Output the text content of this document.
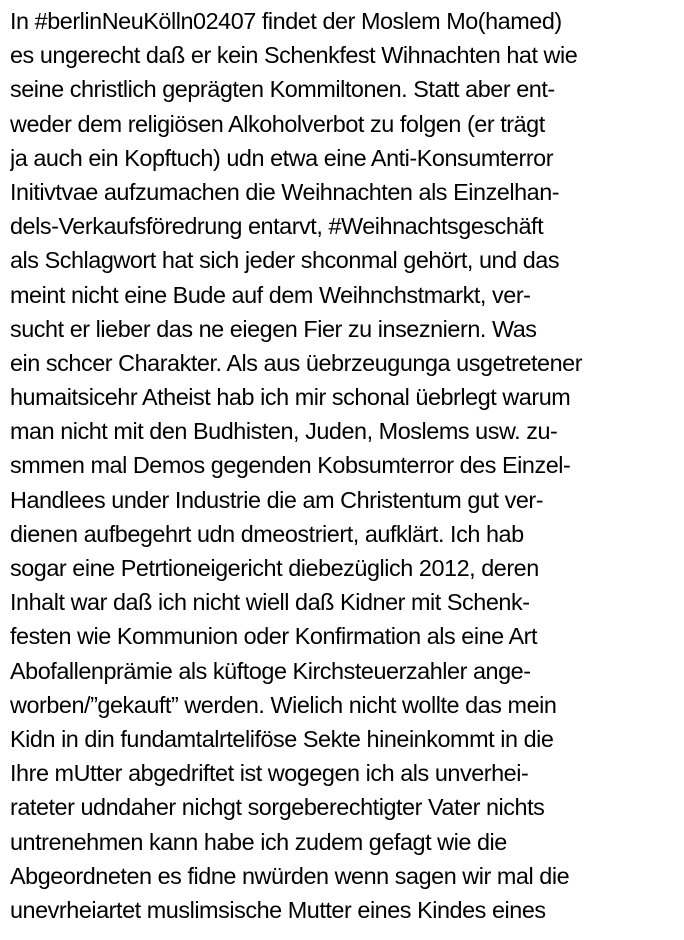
In #berlinNeuKölln02407 findet der Moslem Mo(hamed)
es ungerecht daß er kein Schenkfest Wihnachten hat wie
seine christlich geprägten Kommiltonen. Statt aber ent-
weder dem religiösen Alkoholverbot zu folgen (er trägt
ja auch ein Kopftuch) udn etwa eine Anti-Konsumterror
Initivtvae aufzumachen die Weihnachten als Einzelhan-
dels-Verkaufsföredrung entarvt, #Weihnachtsgeschäft
als Schlagwort hat sich jeder shconmal gehört, und das
meint nicht eine Bude auf dem Weihnchstmarkt, ver-
sucht er lieber das ne eiegen Fier zu insezniern. Was
ein schcer Charakter. Als aus üebrzeugunga usgetretener
humaitsicehr Atheist hab ich mir schonal üebrlegt warum
man nicht mit den Budhisten, Juden, Moslems usw. zu-
smmen mal Demos gegenden Kobsumterror des Einzel-
Handlees under Industrie die am Christentum gut ver-
dienen aufbegehrt udn dmeostriert, aufklärt. Ich hab
sogar eine Petrtioneigericht diebezüglich 2012, deren
Inhalt war daß ich nicht wiell daß Kidner mit Schenk-
festen wie Kommunion oder Konfirmation als eine Art
Abofallenprämie als küftoge Kirchsteuerzahler ange-
worben/”gekauft” werden. Wielich nicht wollte das mein
Kidn in din fundamtalrteliföse Sekte hineinkommt in die
Ihre mUtter abgedriftet ist wogegen ich als unverhei-
rateter udndaher nichgt sorgeberechtigter Vater nichts
untrenehmen kann habe ich zudem gefagt wie die
Abgeordneten es fidne nwürden wenn sagen wir mal die
unevrheiartet muslimsische Mutter eines Kindes eines
